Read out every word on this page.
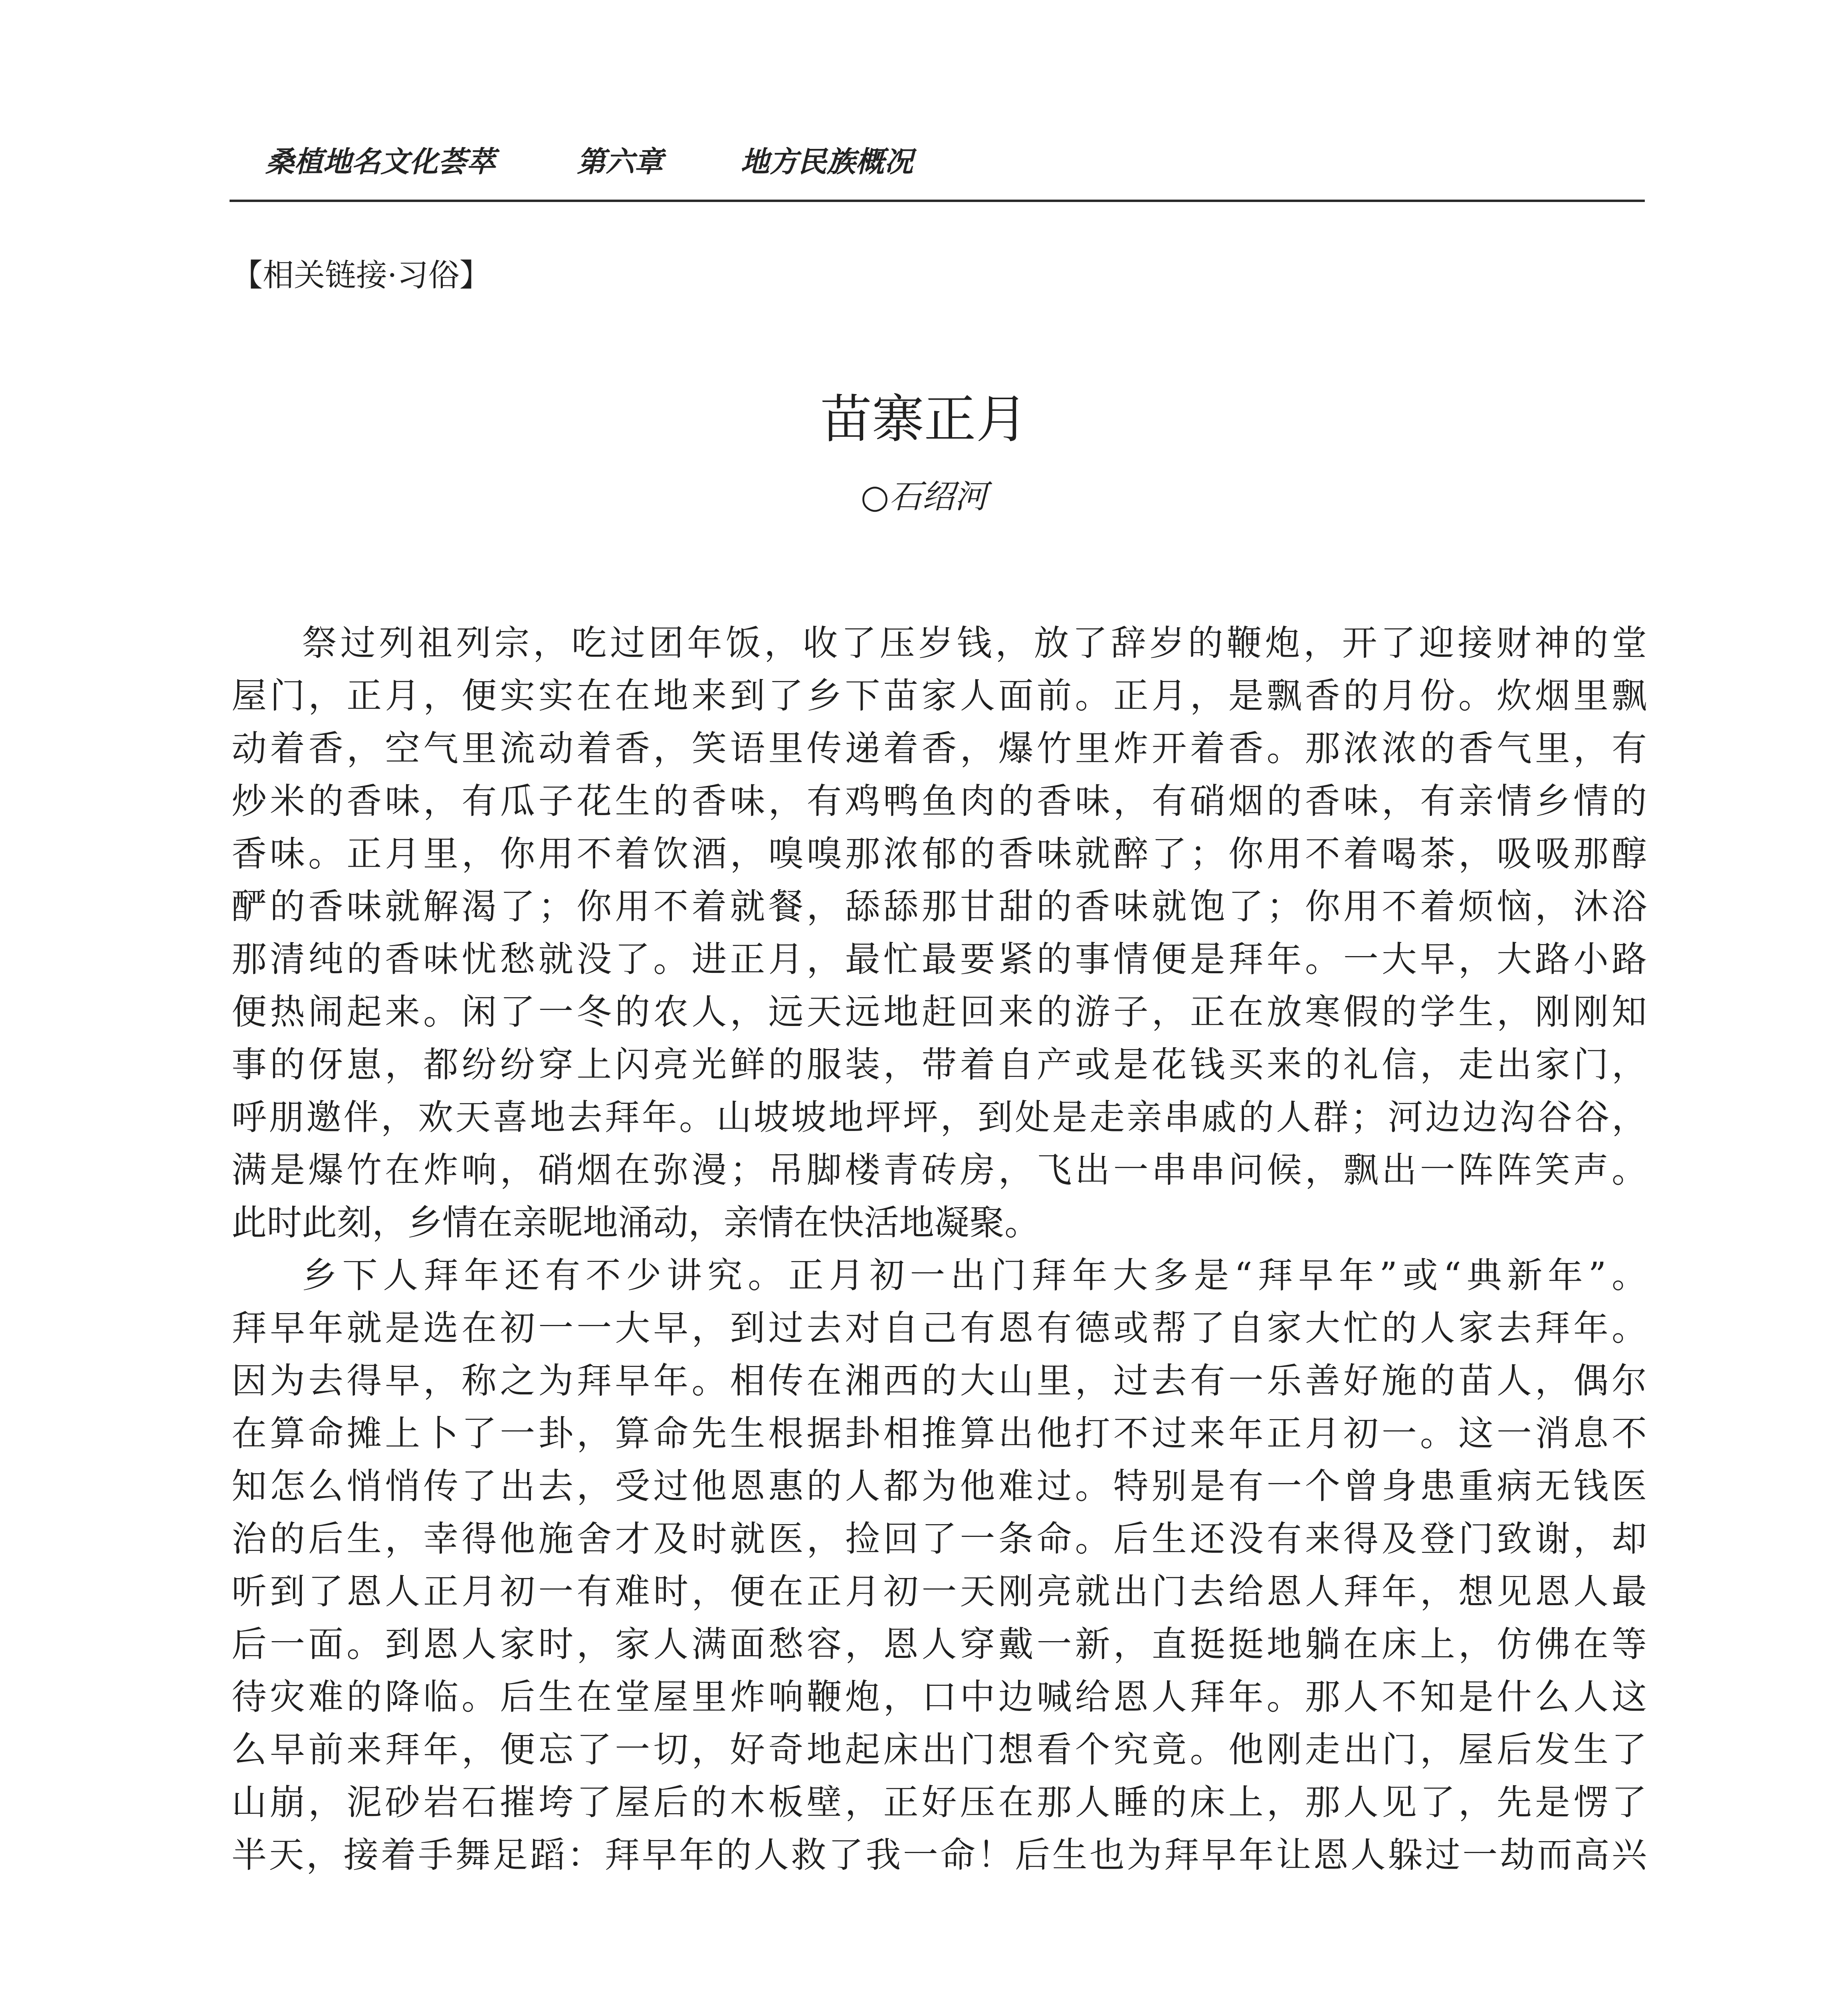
桑植地名文化荟萃	第六章	地方民族概况
【相关链接·习俗】
苗寨正月
○石绍河
祭过列祖列宗，吃过团年饭，收了压岁钱，放了辞岁的鞭炮，开了迎接财神的堂
屋门，正月，便实实在在地来到了乡下苗家人面前。正月，是飘香的月份。炊烟里飘
动着香，空气里流动着香，笑语里传递着香，爆竹里炸开着香。那浓浓的香气里，有
炒米的香味，有瓜子花生的香味，有鸡鸭鱼肉的香味，有硝烟的香味，有亲情乡情的
香味。正月里，你用不着饮酒，嗅嗅那浓郁的香味就醉了；你用不着喝茶，吸吸那醇
酽的香味就解渴了；你用不着就餐，舔舔那甘甜的香味就饱了；你用不着烦恼，沐浴
那清纯的香味忧愁就没了。进正月，最忙最要紧的事情便是拜年。一大早，大路小路
便热闹起来。闲了一冬的农人，远天远地赶回来的游子，正在放寒假的学生，刚刚知
事的伢崽，都纷纷穿上闪亮光鲜的服装，带着自产或是花钱买来的礼信，走出家门，
呼朋邀伴，欢天喜地去拜年。山坡坡地坪坪，到处是走亲串戚的人群；河边边沟谷谷，
满是爆竹在炸响，硝烟在弥漫；吊脚楼青砖房，飞出一串串问候，飘出一阵阵笑声。
此时此刻，乡情在亲昵地涌动，亲情在快活地凝聚。
乡下人拜年还有不少讲究。正月初一出门拜年大多是“拜早年”或“典新年”。
拜早年就是选在初一一大早，到过去对自己有恩有德或帮了自家大忙的人家去拜年。
因为去得早，称之为拜早年。相传在湘西的大山里，过去有一乐善好施的苗人，偶尔
在算命摊上卜了一卦，算命先生根据卦相推算出他打不过来年正月初一。这一消息不
知怎么悄悄传了出去，受过他恩惠的人都为他难过。特别是有一个曾身患重病无钱医
治的后生，幸得他施舍才及时就医，捡回了一条命。后生还没有来得及登门致谢，却
听到了恩人正月初一有难时，便在正月初一天刚亮就出门去给恩人拜年，想见恩人最
后一面。到恩人家时，家人满面愁容，恩人穿戴一新，直挺挺地躺在床上，仿佛在等
待灾难的降临。后生在堂屋里炸响鞭炮，口中边喊给恩人拜年。那人不知是什么人这
么早前来拜年，便忘了一切，好奇地起床出门想看个究竟。他刚走出门，屋后发生了
山崩，泥砂岩石摧垮了屋后的木板壁，正好压在那人睡的床上，那人见了，先是愣了
半天，接着手舞足蹈：拜早年的人救了我一命！后生也为拜早年让恩人躲过一劫而高兴
